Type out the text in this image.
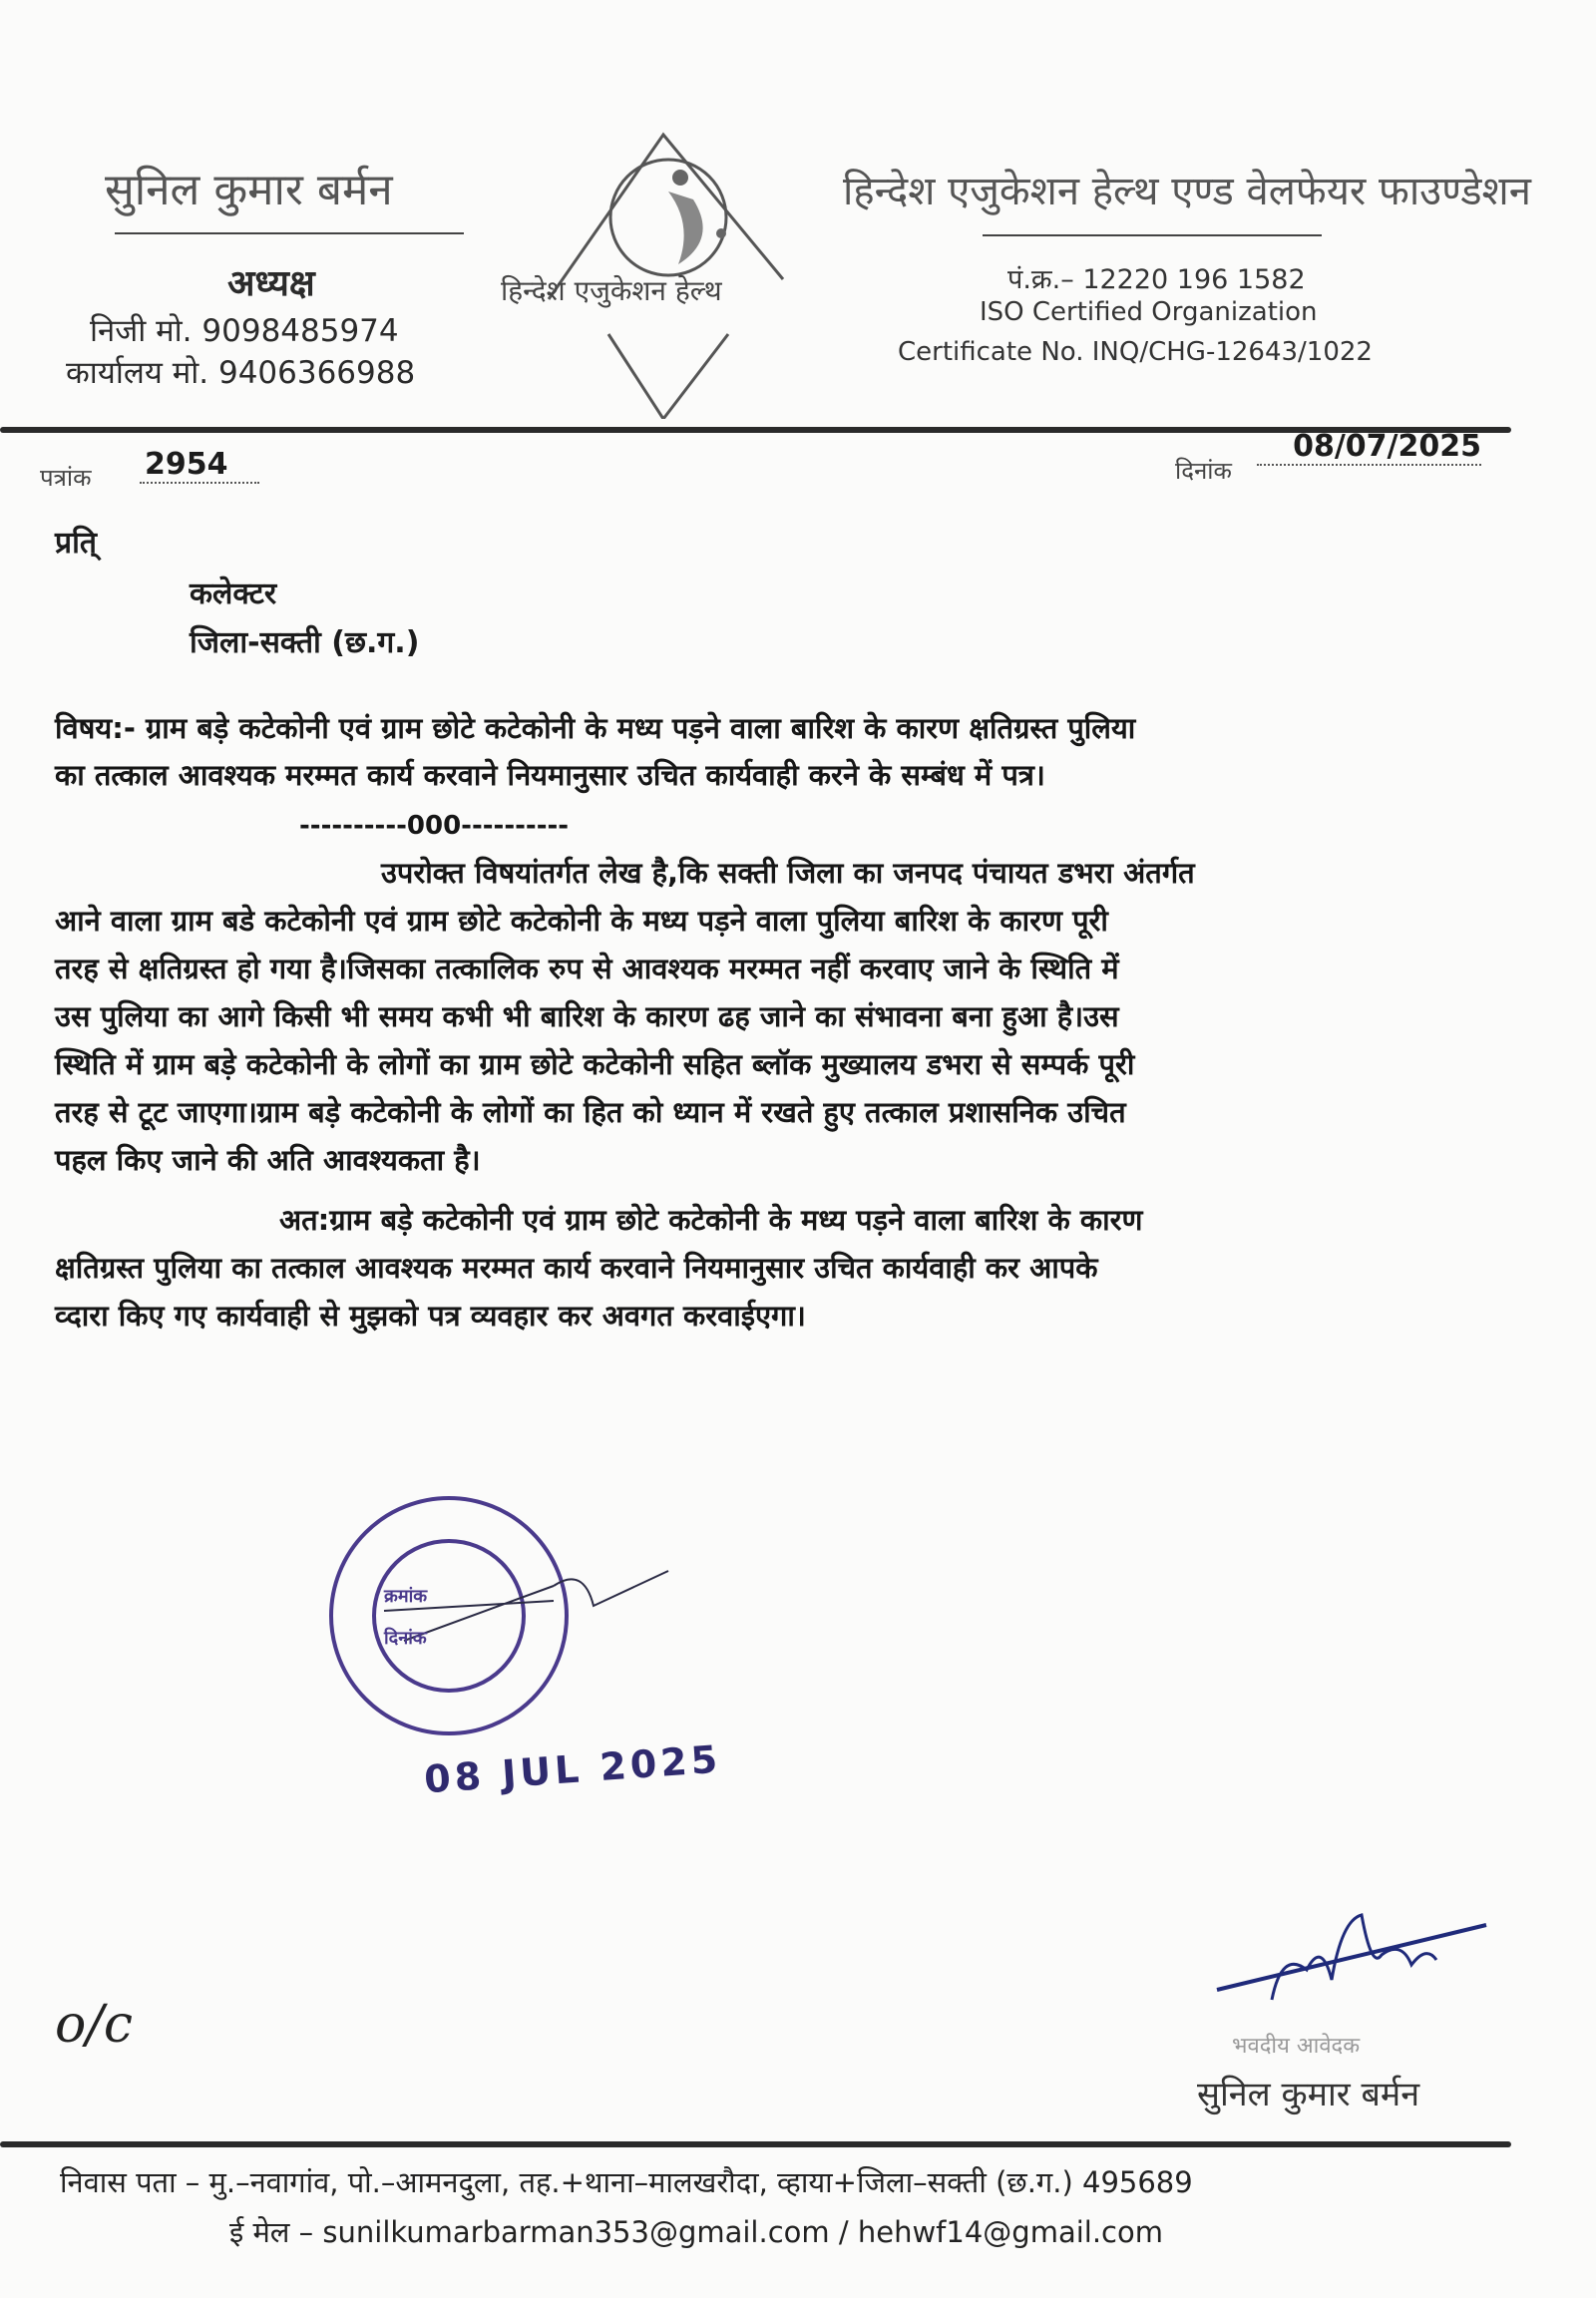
सुनिल कुमार बर्मन
अध्यक्ष
निजी मो. 9098485974
कार्यालय मो. 9406366988
हिन्देश एजुकेशन हेल्थ
हिन्देश एजुकेशन हेल्थ एण्ड वेलफेयर फाउण्डेशन
पं.क्र.– 12220 196 1582
ISO Certified Organization
Certificate No. INQ/CHG-12643/1022
पत्रांक 2954	दिनांक
08/07/2025
प्रति्
कलेक्टर
जिला-सक्ती (छ.ग.)
विषय:- ग्राम बड़े कटेकोनी एवं ग्राम छोटे कटेकोनी के मध्य पड़ने वाला बारिश के कारण क्षतिग्रस्त पुलिया
का तत्काल आवश्यक मरम्मत कार्य करवाने नियमानुसार उचित कार्यवाही करने के सम्बंध में पत्र।
----------000----------
उपरोक्त विषयांतर्गत लेख है,कि सक्ती जिला का जनपद पंचायत डभरा अंतर्गत
आने वाला ग्राम बडे कटेकोनी एवं ग्राम छोटे कटेकोनी के मध्य पड़ने वाला पुलिया बारिश के कारण पूरी
तरह से क्षतिग्रस्त हो गया है।जिसका तत्कालिक रुप से आवश्यक मरम्मत नहीं करवाए जाने के स्थिति में
उस पुलिया का आगे किसी भी समय कभी भी बारिश के कारण ढह जाने का संभावना बना हुआ है।उस
स्थिति में ग्राम बड़े कटेकोनी के लोगों का ग्राम छोटे कटेकोनी सहित ब्लॉक मुख्यालय डभरा से सम्पर्क पूरी
तरह से टूट जाएगा।ग्राम बड़े कटेकोनी के लोगों का हित को ध्यान में रखते हुए तत्काल प्रशासनिक उचित
पहल किए जाने की अति आवश्यकता है।
अत:ग्राम बड़े कटेकोनी एवं ग्राम छोटे कटेकोनी के मध्य पड़ने वाला बारिश के कारण
क्षतिग्रस्त पुलिया का तत्काल आवश्यक मरम्मत कार्य करवाने नियमानुसार उचित कार्यवाही कर आपके
व्दारा किए गए कार्यवाही से मुझको पत्र व्यवहार कर अवगत करवाईएगा।
क्रमांक
दिनांक
08 JUL 2025
o/c	भवदीय आवेदक
सुनिल कुमार बर्मन
निवास पता – मु.–नवागांव, पो.–आमनदुला, तह.+थाना–मालखरौदा, व्हाया+जिला–सक्ती (छ.ग.) 495689
ई मेल – sunilkumarbarman353@gmail.com / hehwf14@gmail.com
